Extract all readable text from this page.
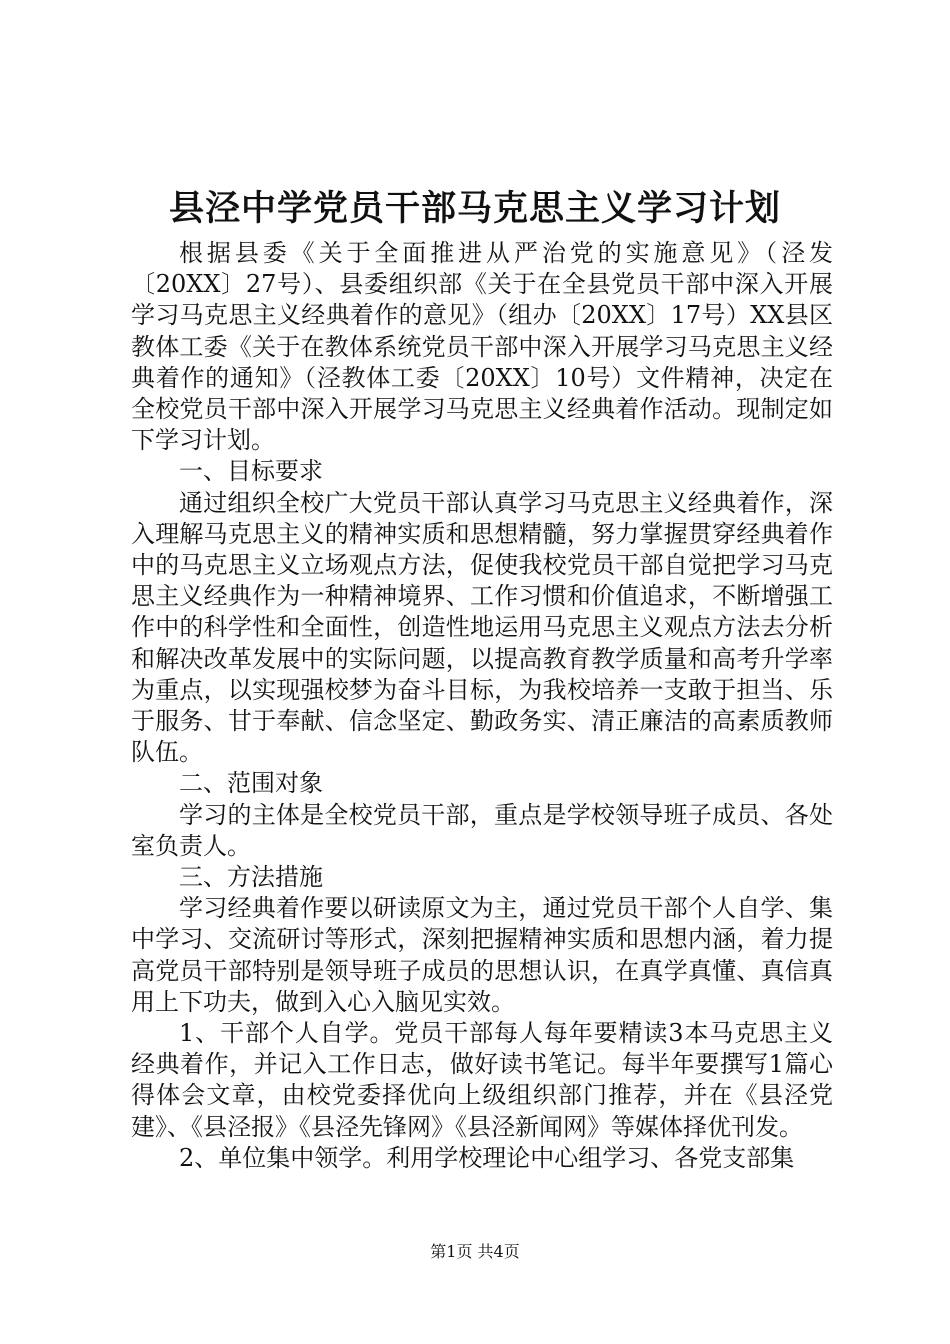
县泾中学党员干部马克思主义学习计划

根据县委《关于全面推进从严治党的实施意见》（泾发〔20XX〕27号）、县委组织部《关于在全县党员干部中深入开展学习马克思主义经典着作的意见》（组办〔20XX〕17号）XX县区教体工委《关于在教体系统党员干部中深入开展学习马克思主义经典着作的通知》（泾教体工委〔20XX〕10号）文件精神，决定在全校党员干部中深入开展学习马克思主义经典着作活动。现制定如下学习计划。

一、目标要求

通过组织全校广大党员干部认真学习马克思主义经典着作，深入理解马克思主义的精神实质和思想精髓，努力掌握贯穿经典着作中的马克思主义立场观点方法，促使我校党员干部自觉把学习马克思主义经典作为一种精神境界、工作习惯和价值追求，不断增强工作中的科学性和全面性，创造性地运用马克思主义观点方法去分析和解决改革发展中的实际问题，以提高教育教学质量和高考升学率为重点，以实现强校梦为奋斗目标，为我校培养一支敢于担当、乐于服务、甘于奉献、信念坚定、勤政务实、清正廉洁的高素质教师队伍。

二、范围对象

学习的主体是全校党员干部，重点是学校领导班子成员、各处室负责人。

三、方法措施

学习经典着作要以研读原文为主，通过党员干部个人自学、集中学习、交流研讨等形式，深刻把握精神实质和思想内涵，着力提高党员干部特别是领导班子成员的思想认识，在真学真懂、真信真用上下功夫，做到入心入脑见实效。

1、干部个人自学。党员干部每人每年要精读3本马克思主义经典着作，并记入工作日志，做好读书笔记。每半年要撰写1篇心得体会文章，由校党委择优向上级组织部门推荐，并在《县泾党建》、《县泾报》《县泾先锋网》《县泾新闻网》等媒体择优刊发。

2、单位集中领学。利用学校理论中心组学习、各党支部集

第1页 共4页
